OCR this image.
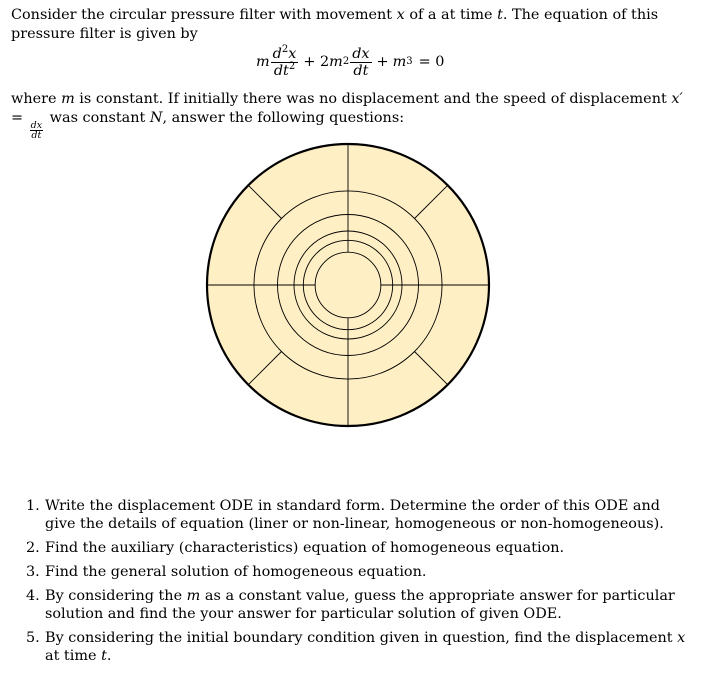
Consider the circular pressure filter with movement x of a at time t. The equation of this pressure filter is given by

m $\frac{d^2x}{dt^2} + 2$ m $2 \frac{dx}{dt} + m$ 3 = 0

where m is constant. If initially there was no displacement and the speed of displacement x′ =
$\frac{dx}{dt}$
was constant N, answer the following questions:

1. Write the displacement ODE in standard form. Determine the order of this ODE and give the details of equation (liner or non-linear, homogeneous or non-homogeneous).
2. Find the auxiliary (characteristics) equation of homogeneous equation.
3. Find the general solution of homogeneous equation.
4. By considering the m as a constant value, guess the appropriate answer for particular solution and find the your answer for particular solution of given ODE.
5. By considering the initial boundary condition given in question, find the displacement x at time t.
